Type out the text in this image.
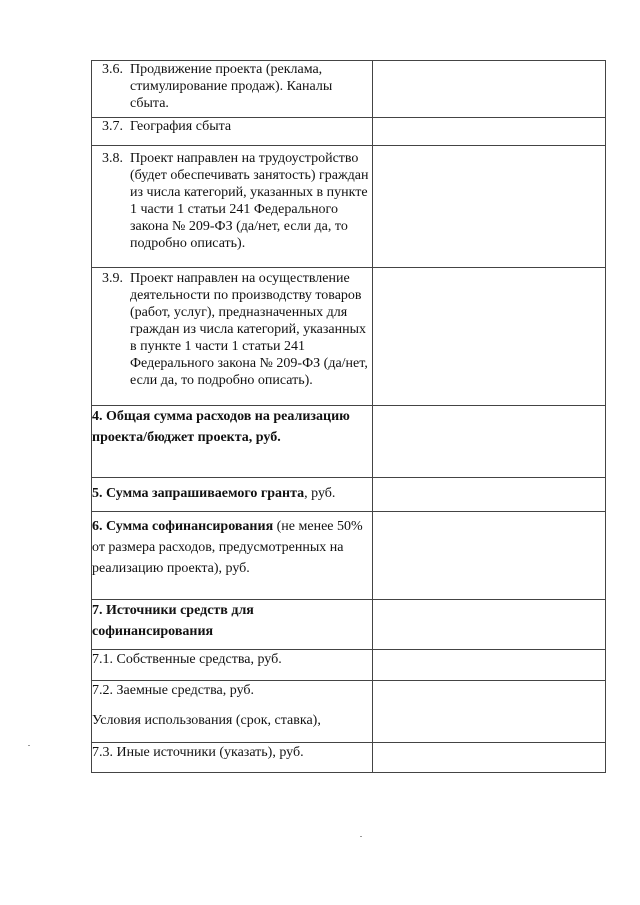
3.6. Продвижение проекта (реклама, стимулирование продаж). Каналы сбыта.	

3.7. География сбыта	

3.8. Проект направлен на трудоустройство (будет обеспечивать занятость) граждан из числа категорий, указанных в пункте 1 части 1 статьи 241 Федерального закона № 209-ФЗ (да/нет, если да, то подробно описать).	

3.9. Проект направлен на осуществление деятельности по производству товаров (работ, услуг), предназначенных для граждан из числа категорий, указанных в пункте 1 части 1 статьи 241 Федерального закона № 209-ФЗ (да/нет, если да, то подробно описать).	

4. Общая сумма расходов на реализацию проекта/бюджет проекта, руб.	
5. Сумма запрашиваемого гранта, руб.	
6. Сумма софинансирования (не менее 50% от размера расходов, предусмотренных на реализацию проекта), руб.	
7. Источники средств для софинансирования	
7.1. Собственные средства, руб.	

7.2. Заемные средства, руб.
Условия использования (срок, ставка),	

7.3. Иные источники (указать), руб.	
